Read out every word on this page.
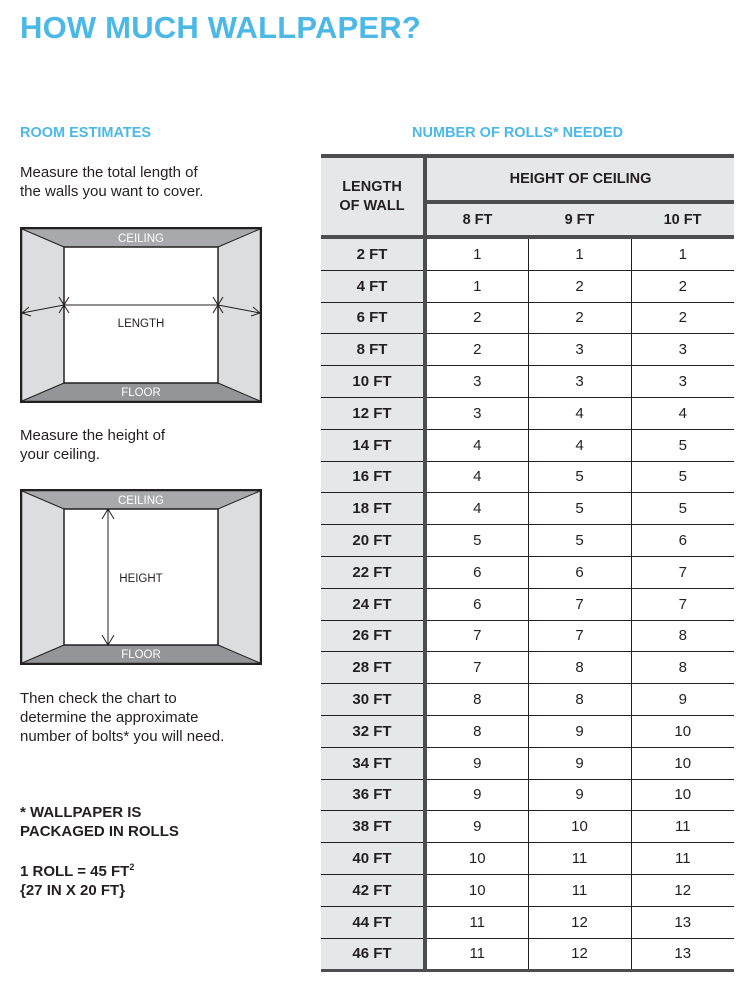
HOW MUCH WALLPAPER?
ROOM ESTIMATES	NUMBER OF ROLLS* NEEDED
Measure the total length of
the walls you want to cover.
CEILING
LENGTH
FLOOR
Measure the height of
your ceiling.
CEILING
HEIGHT
FLOOR
Then check the chart to
determine the approximate
number of bolts* you will need.
* WALLPAPER IS
PACKAGED IN ROLLS
1 ROLL = 45 $FT^2$
{27 IN X 20 FT}
LENGTH
OF WALL	HEIGHT OF CEILING		
	8 FT	9 FT	10 FT
2 FT	1	1	1
4 FT	1	2	2
6 FT	2	2	2
8 FT	2	3	3
10 FT	3	3	3
12 FT	3	4	4
14 FT	4	4	5
16 FT	4	5	5
18 FT	4	5	5
20 FT	5	5	6
22 FT	6	6	7
24 FT	6	7	7
26 FT	7	7	8
28 FT	7	8	8
30 FT	8	8	9
32 FT	8	9	10
34 FT	9	9	10
36 FT	9	9	10
38 FT	9	10	11
40 FT	10	11	11
42 FT	10	11	12
44 FT	11	12	13
46 FT	11	12	13
